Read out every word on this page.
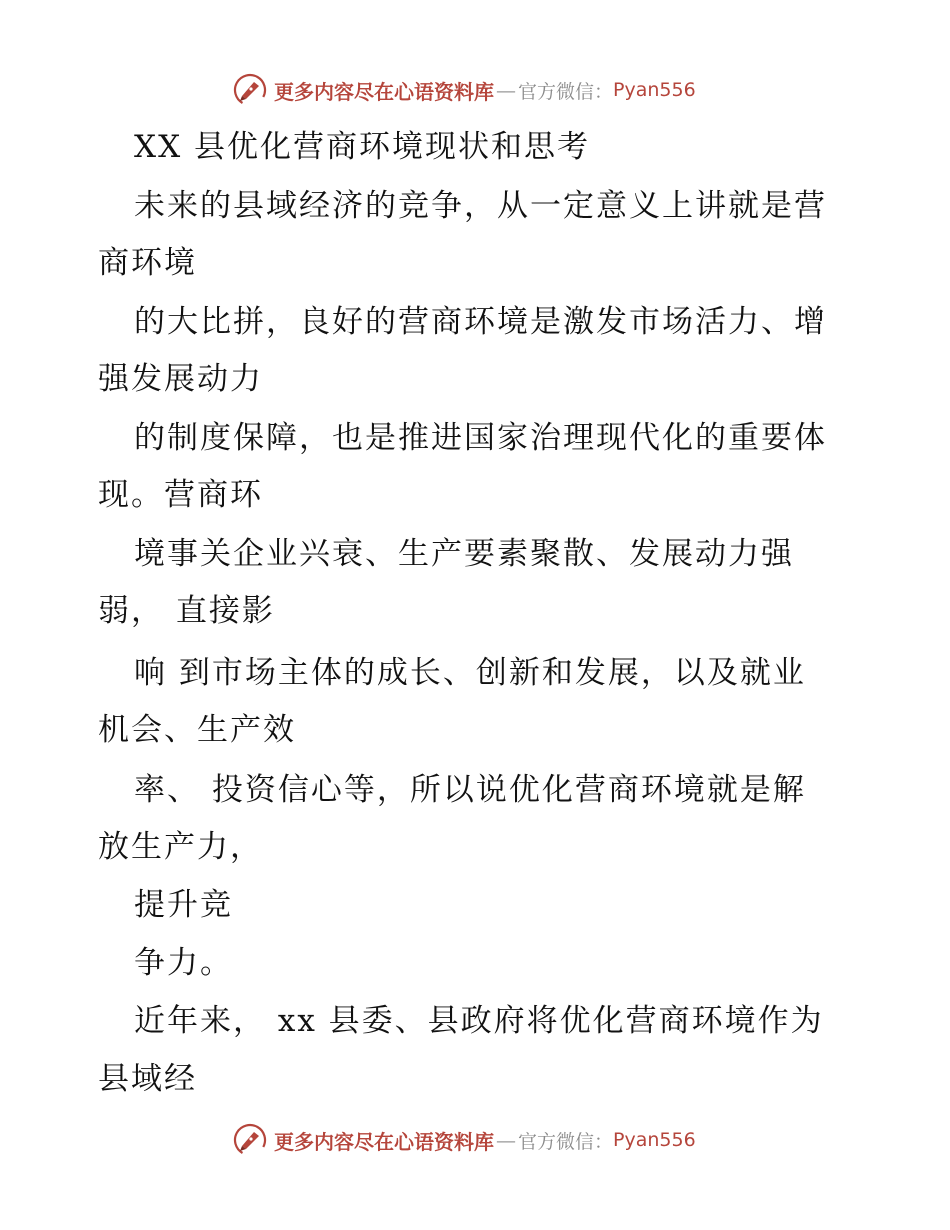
更多内容尽在心语资料库 — 官方微信： Pyan556
XX 县优化营商环境现状和思考
未来的县域经济的竞争，从一定意义上讲就是营
商环境
的大比拼，良好的营商环境是激发市场活力、增
强发展动力
的制度保障，也是推进国家治理现代化的重要体
现。营商环
境事关企业兴衰、生产要素聚散、发展动力强
弱， 直接影
响 到市场主体的成长、创新和发展，以及就业
机会、生产效
率、 投资信心等，所以说优化营商环境就是解
放生产力，
提升竞
争力。
近年来， xx 县委、县政府将优化营商环境作为
县域经
更多内容尽在心语资料库 — 官方微信： Pyan556
